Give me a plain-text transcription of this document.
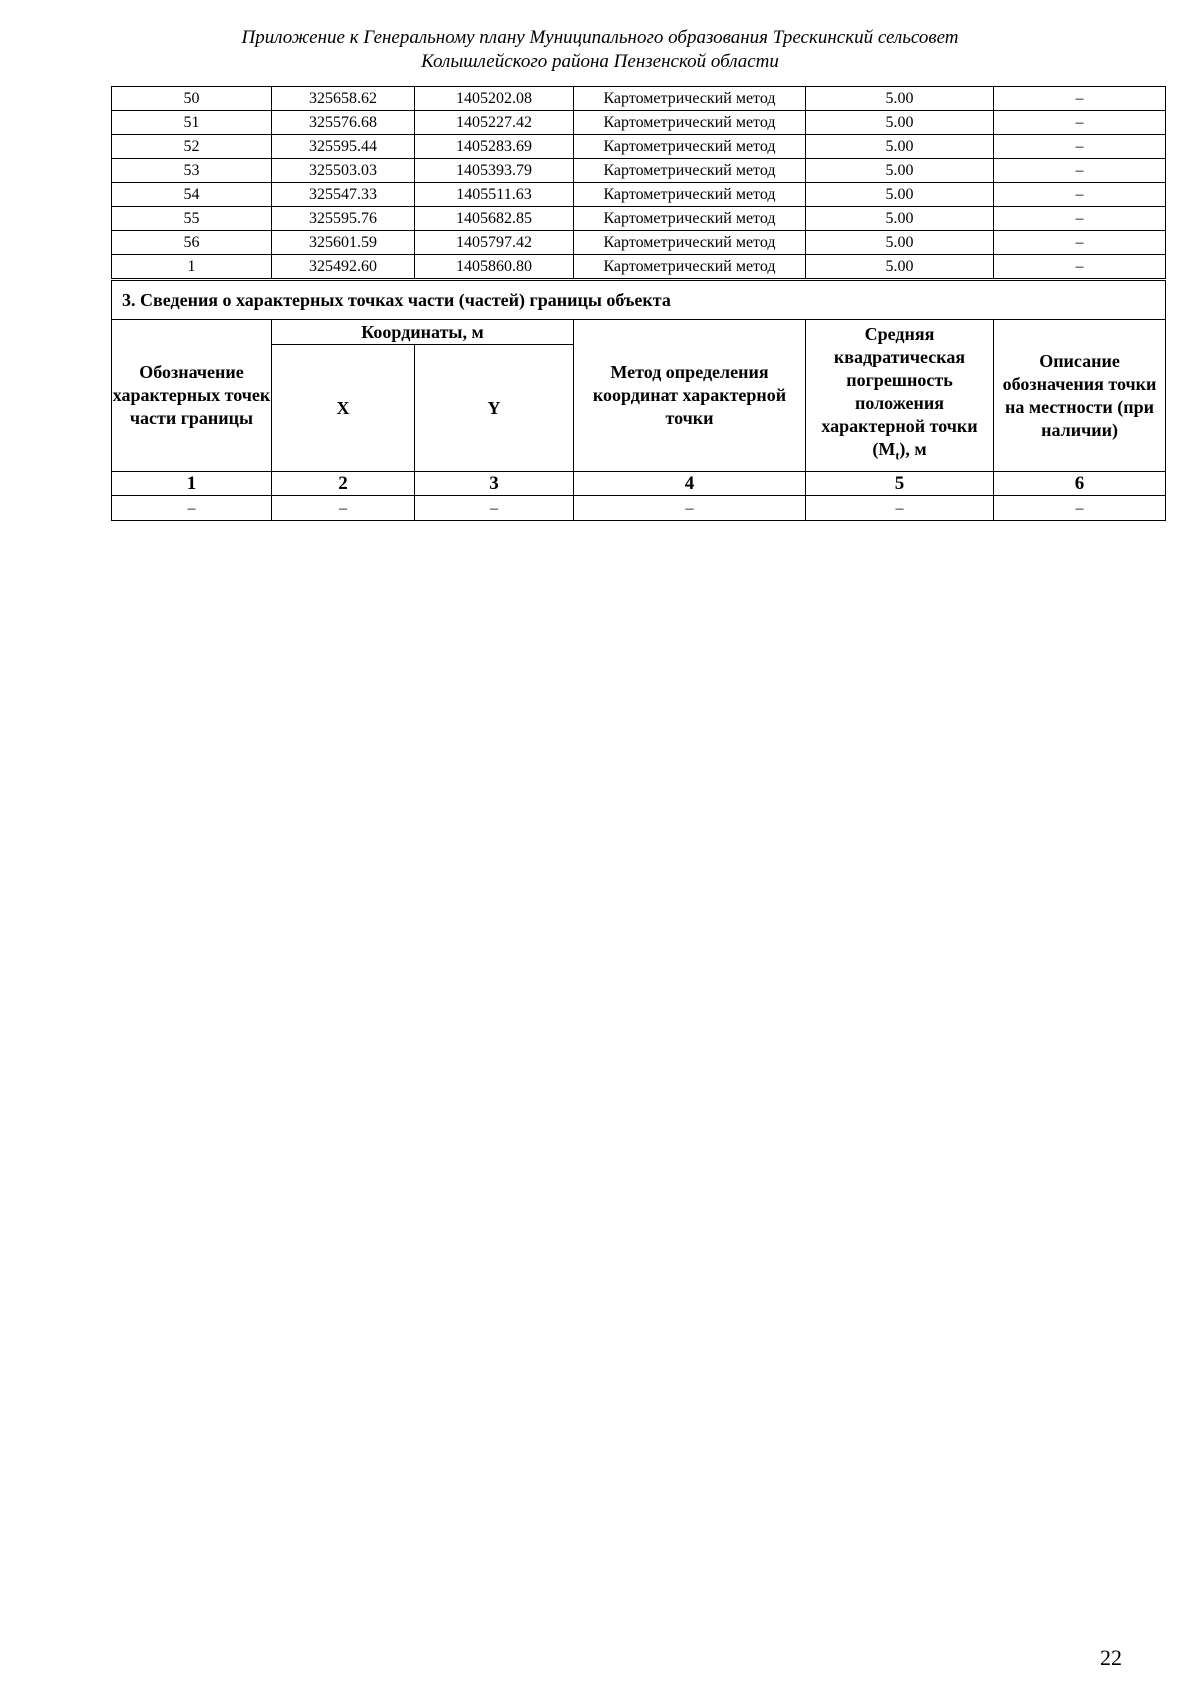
Приложение к Генеральному плану Муниципального образования Трескинский сельсовет
Колышлейского района Пензенской области
50	325658.62	1405202.08	Картометрический метод	5.00	–
51	325576.68	1405227.42	Картометрический метод	5.00	–
52	325595.44	1405283.69	Картометрический метод	5.00	–
53	325503.03	1405393.79	Картометрический метод	5.00	–
54	325547.33	1405511.63	Картометрический метод	5.00	–
55	325595.76	1405682.85	Картометрический метод	5.00	–
56	325601.59	1405797.42	Картометрический метод	5.00	–
1	325492.60	1405860.80	Картометрический метод	5.00	–
3. Сведения о характерных точках части (частей) границы объекта					
Обозначение характерных точек части границы	Координаты, м		Метод определения координат характерной точки	Средняя квадратическая погрешность положения характерной точки $(M_t)$, м	Описание обозначения точки на местности (при наличии)
	X	Y			
1	2	3	4	5	6
–	–	–	–	–	–
22
